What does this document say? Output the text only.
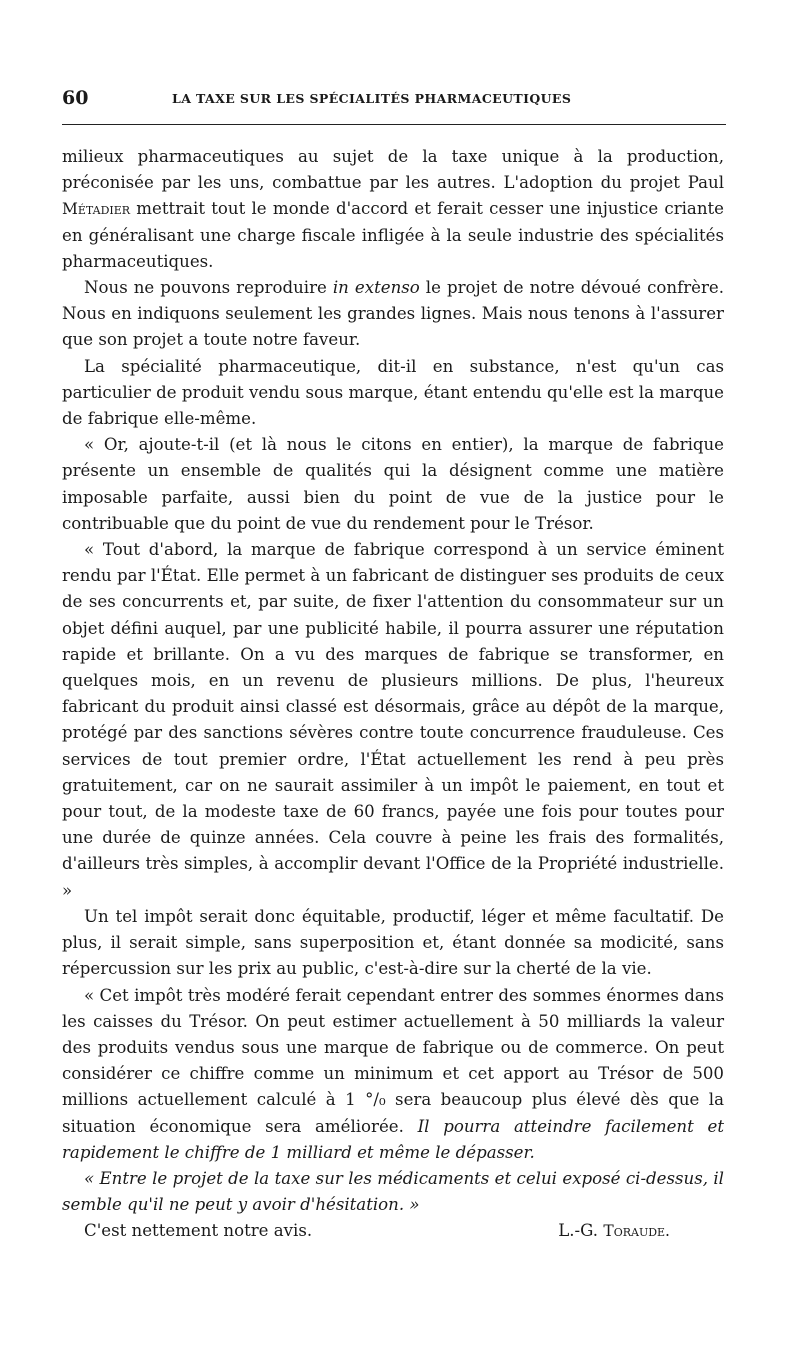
60	LA TAXE SUR LES SPÉCIALITÉS PHARMACEUTIQUES

milieux pharmaceutiques au sujet de la taxe unique à la production, préconisée par les uns, combattue par les autres. L'adoption du projet Paul Métadier mettrait tout le monde d'accord et ferait cesser une injustice criante en généralisant une charge fiscale infligée à la seule industrie des spécialités pharmaceutiques.

Nous ne pouvons reproduire in extenso le projet de notre dévoué confrère. Nous en indiquons seulement les grandes lignes. Mais nous tenons à l'assurer que son projet a toute notre faveur.

La spécialité pharmaceutique, dit-il en substance, n'est qu'un cas particulier de produit vendu sous marque, étant entendu qu'elle est la marque de fabrique elle-même.

« Or, ajoute-t-il (et là nous le citons en entier), la marque de fabrique présente un ensemble de qualités qui la désignent comme une matière imposable parfaite, aussi bien du point de vue de la justice pour le contribuable que du point de vue du rendement pour le Trésor.

« Tout d'abord, la marque de fabrique correspond à un service éminent rendu par l'État. Elle permet à un fabricant de distinguer ses produits de ceux de ses concurrents et, par suite, de fixer l'attention du consommateur sur un objet défini auquel, par une publicité habile, il pourra assurer une réputation rapide et brillante. On a vu des marques de fabrique se transformer, en quelques mois, en un revenu de plusieurs millions. De plus, l'heureux fabricant du produit ainsi classé est désormais, grâce au dépôt de la marque, protégé par des sanctions sévères contre toute concurrence frauduleuse. Ces services de tout premier ordre, l'État actuellement les rend à peu près gratuitement, car on ne saurait assimiler à un impôt le paiement, en tout et pour tout, de la modeste taxe de 60 francs, payée une fois pour toutes pour une durée de quinze années. Cela couvre à peine les frais des formalités, d'ailleurs très simples, à accomplir devant l'Office de la Propriété industrielle. »

Un tel impôt serait donc équitable, productif, léger et même facultatif. De plus, il serait simple, sans superposition et, étant donnée sa modicité, sans répercussion sur les prix au public, c'est-à-dire sur la cherté de la vie.

« Cet impôt très modéré ferait cependant entrer des sommes énormes dans les caisses du Trésor. On peut estimer actuellement à 50 milliards la valeur des produits vendus sous une marque de fabrique ou de commerce. On peut considérer ce chiffre comme un minimum et cet apport au Trésor de 500 millions actuellement calculé à 1 °/₀ sera beaucoup plus élevé dès que la situation économique sera améliorée. Il pourra atteindre facilement et rapidement le chiffre de 1 milliard et même le dépasser.

« Entre le projet de la taxe sur les médicaments et celui exposé ci-dessus, il semble qu'il ne peut y avoir d'hésitation. »

C'est nettement notre avis.	L.-G. Toraude.
